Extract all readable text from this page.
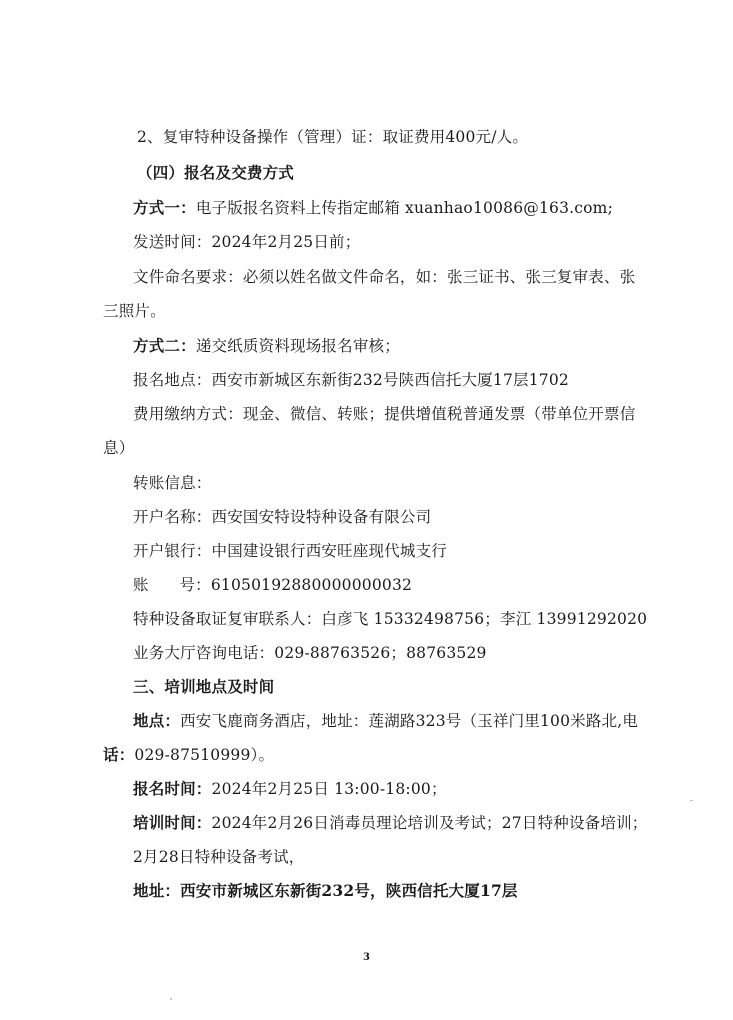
2、复审特种设备操作（管理）证：取证费用400元/人。
（四）报名及交费方式
方式一：电子版报名资料上传指定邮箱 xuanhao10086@163.com;
发送时间：2024年2月25日前；
文件命名要求：必须以姓名做文件命名，如：张三证书、张三复审表、张
三照片。
方式二：递交纸质资料现场报名审核；
报名地点：西安市新城区东新街232号陕西信托大厦17层1702
费用缴纳方式：现金、微信、转账；提供增值税普通发票（带单位开票信
息）
转账信息：
开户名称：西安国安特设特种设备有限公司
开户银行：中国建设银行西安旺座现代城支行
账      号：61050192880000000032
特种设备取证复审联系人：白彦飞 15332498756；李江 13991292020
业务大厅咨询电话：029-88763526；88763529
三、培训地点及时间
地点：西安飞鹿商务酒店，地址：莲湖路323号（玉祥门里100米路北,电
话：029-87510999）。
报名时间：2024年2月25日 13:00-18:00；
培训时间：2024年2月26日消毒员理论培训及考试；27日特种设备培训；
2月28日特种设备考试，
地址：西安市新城区东新街232号，陕西信托大厦17层
3
